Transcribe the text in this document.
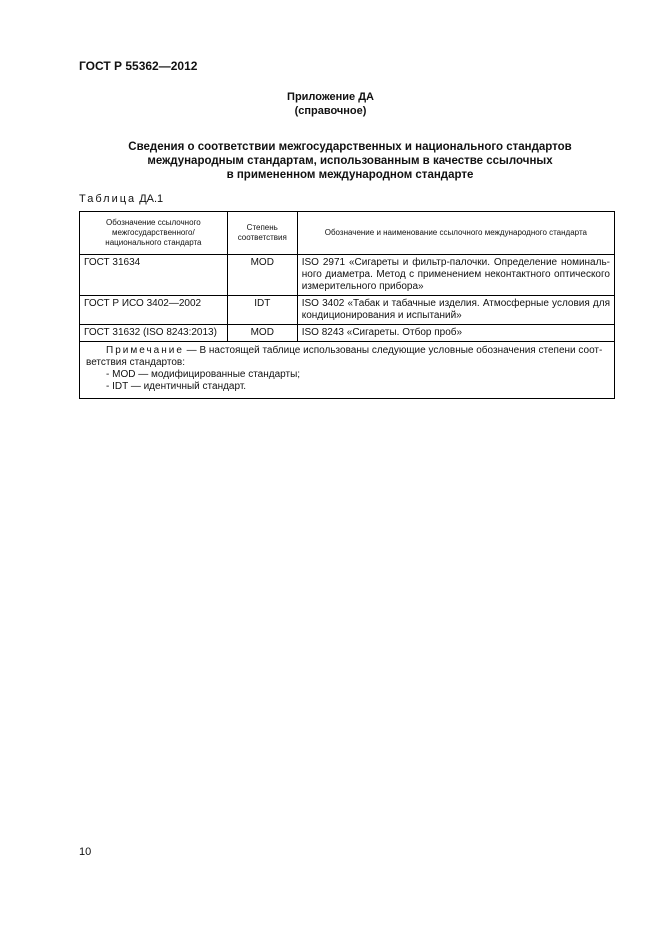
ГОСТ Р 55362—2012
Приложение ДА
(справочное)
Сведения о соответствии межгосударственных и национального стандартов
международным стандартам, использованным в качестве ссылочных
в примененном международном стандарте
Таблица ДА.1
Обозначение ссылочного межгосударственного/ национального стандарта	Степень соответствия	Обозначение и наименование ссылочного международного стандарта
ГОСТ 31634	MOD	ISO 2971 «Сигареты и фильтр-палочки. Определение номинального диаметра. Метод с применением неконтактного оптического измерительного прибора»
ГОСТ Р ИСО 3402—2002	IDT	ISO 3402 «Табак и табачные изделия. Атмосферные условия для кондиционирования и испытаний»
ГОСТ 31632 (ISO 8243:2013)	MOD	ISO 8243 «Сигареты. Отбор проб»

Примечание — В настоящей таблице использованы следующие условные обозначения степени соответствия стандартов:
- MOD — модифицированные стандарты;
- IDT — идентичный стандарт.		
10
